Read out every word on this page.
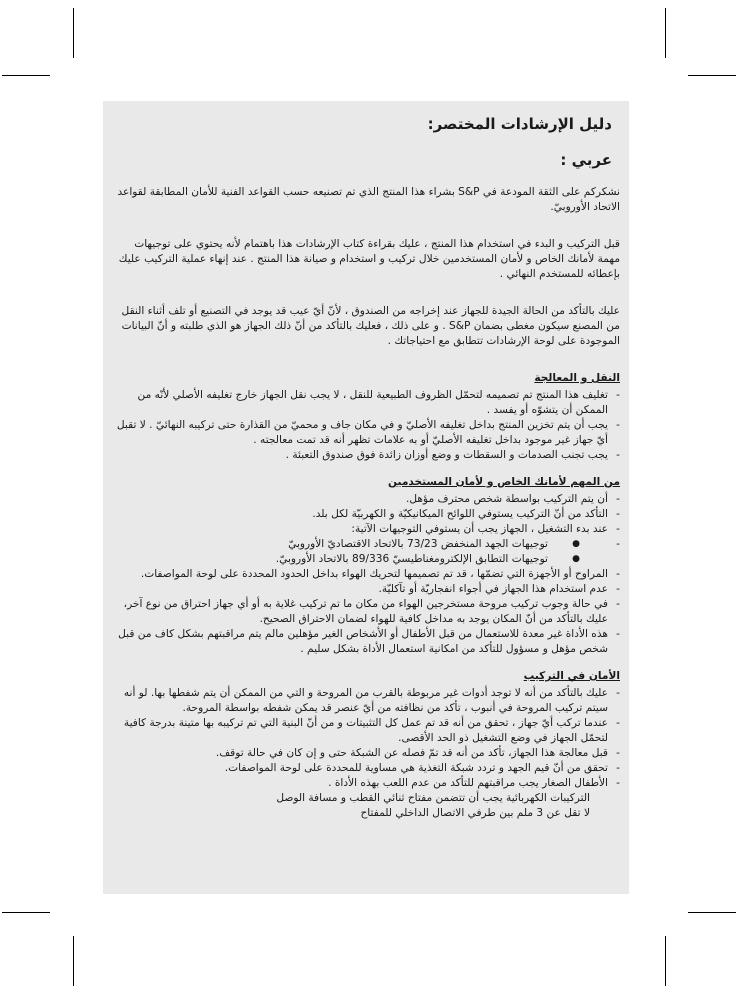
دليل الإرشادات المختصر:
عربي :

نشكركم على الثقة المودعة في S&P بشراء هذا المنتج الذي تم تصنيعه حسب القواعد الفنية للأمان المطابقة لقواعد الاتحاد الأوروبيّ.

قبل التركيب و البدء في استخدام هذا المنتج ، عليك بقراءة كتاب الإرشادات هذا باهتمام لأنه يحتوي على توجيهات مهمة لأمانك الخاص و لأمان المستخدمين خلال تركيب و استخدام و صيانة هذا المنتج . عند إنهاء عملية التركيب عليك بإعطائه للمستخدم النهائي .

عليك بالتأكد من الحالة الجيدة للجهاز عند إخراجه من الصندوق ، لأنّ أيّ عيب قد يوجد في التصنيع أو تلف أثناء النقل من المصنع سيكون مغطى بضمان S&P . و على ذلك ، فعليك بالتأكد من أنّ ذلك الجهاز هو الذي طلبته و أنّ البيانات الموجودة على لوحة الإرشادات تتطابق مع احتياجاتك .

النقل و المعالجة
- تغليف هذا المنتج تم تصميمه لتحمّل الظروف الطبيعية للنقل ، لا يجب نقل الجهاز خارج تغليفه الأصلي لأنّه من الممكن أن يتشوّه أو يفسد .
- يجب أن يتم تخزين المنتج بداخل تغليفه الأصليّ و في مكان جاف و محميّ من القذارة حتى تركيبه النهائيّ . لا تقبل أيّ جهاز غير موجود بداخل تغليفه الأصليّ أو به علامات تظهر أنه قد تمت معالجته .
- يجب تجنب الصدمات و السقطات و وضع أوزان زائدة فوق صندوق التعبئة .
من المهم لأمانك الخاص و لأمان المستخدمين
- أن يتم التركيب بواسطة شخص محترف مؤهل.
- التأكد من أنّ التركيب يستوفي اللوائح الميكانيكيّة و الكهربيّة لكل بلد.
- عند بدء التشغيل ، الجهاز يجب أن يستوفي التوجيهات الآتية:
● - توجيهات الجهد المنخفض 73/23 بالاتحاد الاقتصاديّ الأوروبيّ
● توجيهات التطابق الإلكترومغناطيسيّ 89/336 بالاتحاد الأوروبيّ.
- المراوح أو الأجهزة التي تضمّها ، قد تم تصميمها لتحريك الهواء بداخل الحدود المحددة على لوحة المواصفات.
- عدم استخدام هذا الجهاز في أجواء انفجاريّة أو تآكليّة.
- في حالة وجوب تركيب مروحة مستخرجين الهواء من مكان ما تم تركيب غلاية به أو أي جهاز احتراق من نوع آخر، عليك بالتأكد من أنّ المكان يوجد به مداخل كافية للهواء لضمان الاحتراق الصحيح.
- هذه الأداة غير معدة للاستعمال من قبل الأطفال أو الأشخاص الغير مؤهلين مالم يتم مراقبتهم بشكل كاف من قبل شخص مؤهل و مسؤول للتأكد من امكانية استعمال الأداة بشكل سليم .
الأمان في التركيب
- عليك بالتأكد من أنه لا توجد أدوات غير مربوطة بالقرب من المروحة و التي من الممكن أن يتم شفطها بها. لو أنه سيتم تركيب المروحة في أنبوب ، تأكد من نظافته من أيّ عنصر قد يمكن شفطه بواسطة المروحة.
- عندما تركب أيّ جهاز ، تحقق من أنه قد تم عمل كل التثبيتات و من أنّ البنية التي تم تركيبه بها متينة بدرجة كافية لتحمّل الجهاز في وضع التشغيل ذو الحد الأقصى.
- قبل معالجة هذا الجهاز، تأكد من أنه قد تمّ فصله عن الشبكة حتى و إن كان في حالة توقف.
- تحقق من أنّ قيم الجهد و تردد شبكة التغذية هي مساوية للمحددة على لوحة المواصفات.
- الأطفال الصغار يجب مراقبتهم للتأكد من عدم اللعب بهذه الأداة .
التركيبات الكهربائية يجب أن تتضمن مفتاح ثنائي القطب و مسافة الوصل
لا تقل عن 3 ملم بين طرفي الاتصال الداخلي للمفتاح
